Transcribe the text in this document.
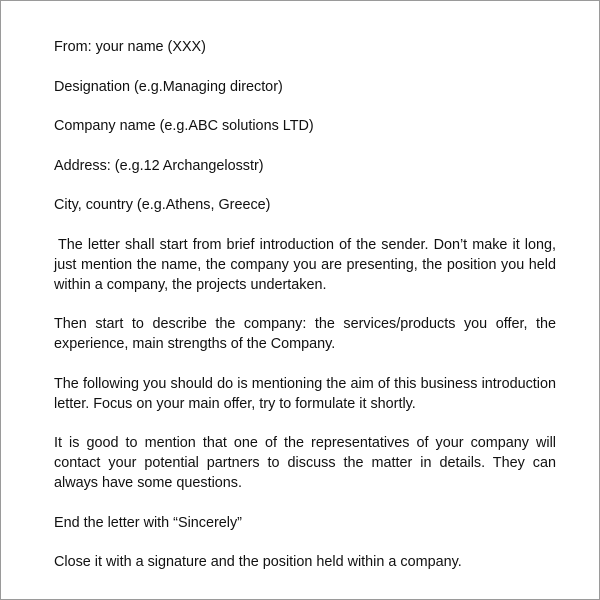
From: your name (XXX)
Designation (e.g.Managing director)
Company name (e.g.ABC solutions LTD)
Address: (e.g.12 Archangelosstr)
City, country (e.g.Athens, Greece)

The letter shall start from brief introduction of the sender. Don’t make it long, just mention the name, the company you are presenting, the position you held within a company, the projects undertaken.

Then start to describe the company: the services/products you offer, the experience, main strengths of the Company.

The following you should do is mentioning the aim of this business introduction letter. Focus on your main offer, try to formulate it shortly.

It is good to mention that one of the representatives of your company will contact your potential partners to discuss the matter in details. They can always have some questions.

End the letter with “Sincerely”

Close it with a signature and the position held within a company.
